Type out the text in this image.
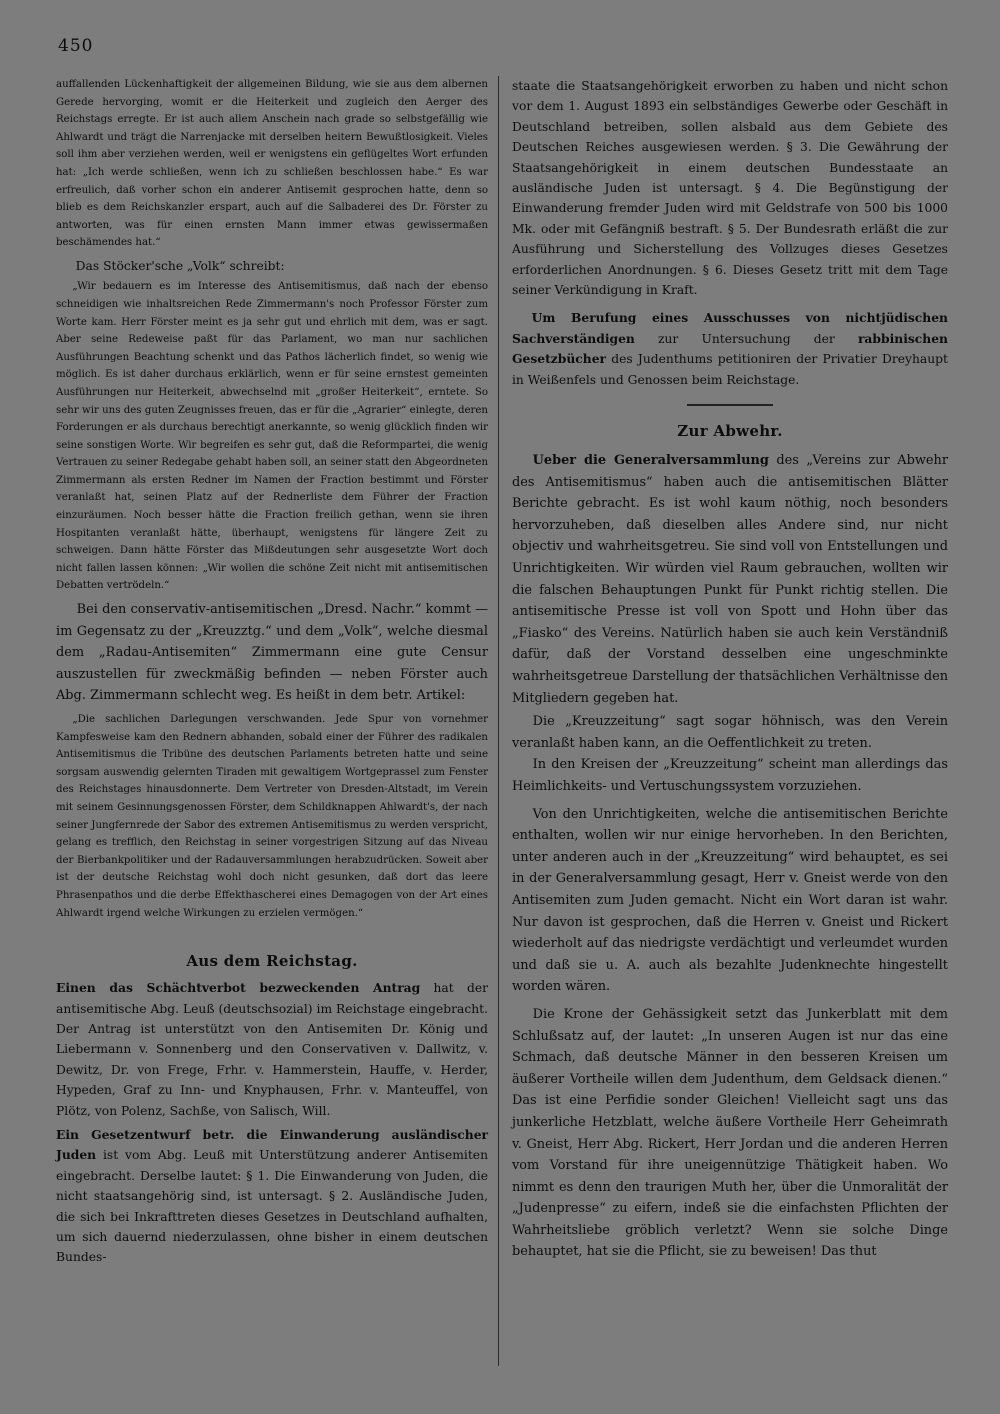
450

auffallenden Lückenhaftigkeit der allgemeinen Bildung, wie sie aus dem albernen Gerede hervorging, womit er die Heiterkeit und zugleich den Aerger des Reichstags erregte. Er ist auch allem Anschein nach grade so selbstgefällig wie Ahlwardt und trägt die Narrenjacke mit derselben heitern Bewußtlosigkeit. Vieles soll ihm aber verziehen werden, weil er wenigstens ein geflügeltes Wort erfunden hat: „Ich werde schließen, wenn ich zu schließen beschlossen habe.“ Es war erfreulich, daß vorher schon ein anderer Antisemit gesprochen hatte, denn so blieb es dem Reichskanzler erspart, auch auf die Salbaderei des Dr. Förster zu antworten, was für einen ernsten Mann immer etwas gewissermaßen beschämendes hat.“

Das Stöcker'sche „Volk“ schreibt:

„Wir bedauern es im Interesse des Antisemitismus, daß nach der ebenso schneidigen wie inhaltsreichen Rede Zimmermann's noch Professor Förster zum Worte kam. Herr Förster meint es ja sehr gut und ehrlich mit dem, was er sagt. Aber seine Redeweise paßt für das Parlament, wo man nur sachlichen Ausführungen Beachtung schenkt und das Pathos lächerlich findet, so wenig wie möglich. Es ist daher durchaus erklärlich, wenn er für seine ernstest gemeinten Ausführungen nur Heiterkeit, abwechselnd mit „großer Heiterkeit“, erntete. So sehr wir uns des guten Zeugnisses freuen, das er für die „Agrarier“ einlegte, deren Forderungen er als durchaus berechtigt anerkannte, so wenig glücklich finden wir seine sonstigen Worte. Wir begreifen es sehr gut, daß die Reformpartei, die wenig Vertrauen zu seiner Redegabe gehabt haben soll, an seiner statt den Abgeordneten Zimmermann als ersten Redner im Namen der Fraction bestimmt und Förster veranlaßt hat, seinen Platz auf der Rednerliste dem Führer der Fraction einzuräumen. Noch besser hätte die Fraction freilich gethan, wenn sie ihren Hospitanten veranlaßt hätte, überhaupt, wenigstens für längere Zeit zu schweigen. Dann hätte Förster das Mißdeutungen sehr ausgesetzte Wort doch nicht fallen lassen können: „Wir wollen die schöne Zeit nicht mit antisemitischen Debatten vertrödeln.“

Bei den conservativ-antisemitischen „Dresd. Nachr.“ kommt — im Gegensatz zu der „Kreuzztg.“ und dem „Volk“, welche diesmal dem „Radau-Antisemiten“ Zimmermann eine gute Censur auszustellen für zweckmäßig befinden — neben Förster auch Abg. Zimmermann schlecht weg. Es heißt in dem betr. Artikel:

„Die sachlichen Darlegungen verschwanden. Jede Spur von vornehmer Kampfesweise kam den Rednern abhanden, sobald einer der Führer des radikalen Antisemitismus die Tribüne des deutschen Parlaments betreten hatte und seine sorgsam auswendig gelernten Tiraden mit gewaltigem Wortgeprassel zum Fenster des Reichstages hinausdonnerte. Dem Vertreter von Dresden-Altstadt, im Verein mit seinem Gesinnungsgenossen Förster, dem Schildknappen Ahlwardt's, der nach seiner Jungfernrede der Sabor des extremen Antisemitismus zu werden verspricht, gelang es trefflich, den Reichstag in seiner vorgestrigen Sitzung auf das Niveau der Bierbankpolitiker und der Radauversammlungen herabzudrücken. Soweit aber ist der deutsche Reichstag wohl doch nicht gesunken, daß dort das leere Phrasenpathos und die derbe Effekthascherei eines Demagogen von der Art eines Ahlwardt irgend welche Wirkungen zu erzielen vermögen.“

Aus dem Reichstag.

Einen das Schächtverbot bezweckenden Antrag hat der antisemitische Abg. Leuß (deutschsozial) im Reichstage eingebracht. Der Antrag ist unterstützt von den Antisemiten Dr. König und Liebermann v. Sonnenberg und den Conservativen v. Dallwitz, v. Dewitz, Dr. von Frege, Frhr. v. Hammerstein, Hauffe, v. Herder, Hypeden, Graf zu Inn- und Knyphausen, Frhr. v. Manteuffel, von Plötz, von Polenz, Sachße, von Salisch, Will.

Ein Gesetzentwurf betr. die Einwanderung ausländischer Juden ist vom Abg. Leuß mit Unterstützung anderer Antisemiten eingebracht. Derselbe lautet: § 1. Die Einwanderung von Juden, die nicht staatsangehörig sind, ist untersagt. § 2. Ausländische Juden, die sich bei Inkrafttreten dieses Gesetzes in Deutschland aufhalten, um sich dauernd niederzulassen, ohne bisher in einem deutschen Bundes-

staate die Staatsangehörigkeit erworben zu haben und nicht schon vor dem 1. August 1893 ein selbständiges Gewerbe oder Geschäft in Deutschland betreiben, sollen alsbald aus dem Gebiete des Deutschen Reiches ausgewiesen werden. § 3. Die Gewährung der Staatsangehörigkeit in einem deutschen Bundesstaate an ausländische Juden ist untersagt. § 4. Die Begünstigung der Einwanderung fremder Juden wird mit Geldstrafe von 500 bis 1000 Mk. oder mit Gefängniß bestraft. § 5. Der Bundesrath erläßt die zur Ausführung und Sicherstellung des Vollzuges dieses Gesetzes erforderlichen Anordnungen. § 6. Dieses Gesetz tritt mit dem Tage seiner Verkündigung in Kraft.

Um Berufung eines Ausschusses von nichtjüdischen Sachverständigen zur Untersuchung der rabbinischen Gesetzbücher des Judenthums petitioniren der Privatier Dreyhaupt in Weißenfels und Genossen beim Reichstage.

Zur Abwehr.

Ueber die Generalversammlung des „Vereins zur Abwehr des Antisemitismus“ haben auch die antisemitischen Blätter Berichte gebracht. Es ist wohl kaum nöthig, noch besonders hervorzuheben, daß dieselben alles Andere sind, nur nicht objectiv und wahrheitsgetreu. Sie sind voll von Entstellungen und Unrichtigkeiten. Wir würden viel Raum gebrauchen, wollten wir die falschen Behauptungen Punkt für Punkt richtig stellen. Die antisemitische Presse ist voll von Spott und Hohn über das „Fiasko“ des Vereins. Natürlich haben sie auch kein Verständniß dafür, daß der Vorstand desselben eine ungeschminkte wahrheitsgetreue Darstellung der thatsächlichen Verhältnisse den Mitgliedern gegeben hat.

Die „Kreuzzeitung“ sagt sogar höhnisch, was den Verein veranlaßt haben kann, an die Oeffentlichkeit zu treten.

In den Kreisen der „Kreuzzeitung“ scheint man allerdings das Heimlichkeits- und Vertuschungssystem vorzuziehen.

Von den Unrichtigkeiten, welche die antisemitischen Berichte enthalten, wollen wir nur einige hervorheben. In den Berichten, unter anderen auch in der „Kreuzzeitung“ wird behauptet, es sei in der Generalversammlung gesagt, Herr v. Gneist werde von den Antisemiten zum Juden gemacht. Nicht ein Wort daran ist wahr. Nur davon ist gesprochen, daß die Herren v. Gneist und Rickert wiederholt auf das niedrigste verdächtigt und verleumdet wurden und daß sie u. A. auch als bezahlte Judenknechte hingestellt worden wären.

Die Krone der Gehässigkeit setzt das Junkerblatt mit dem Schlußsatz auf, der lautet: „In unseren Augen ist nur das eine Schmach, daß deutsche Männer in den besseren Kreisen um äußerer Vortheile willen dem Judenthum, dem Geldsack dienen.“ Das ist eine Perfidie sonder Gleichen! Vielleicht sagt uns das junkerliche Hetzblatt, welche äußere Vortheile Herr Geheimrath v. Gneist, Herr Abg. Rickert, Herr Jordan und die anderen Herren vom Vorstand für ihre uneigennützige Thätigkeit haben. Wo nimmt es denn den traurigen Muth her, über die Unmoralität der „Judenpresse“ zu eifern, indeß sie die einfachsten Pflichten der Wahrheitsliebe gröblich verletzt? Wenn sie solche Dinge behauptet, hat sie die Pflicht, sie zu beweisen! Das thut
